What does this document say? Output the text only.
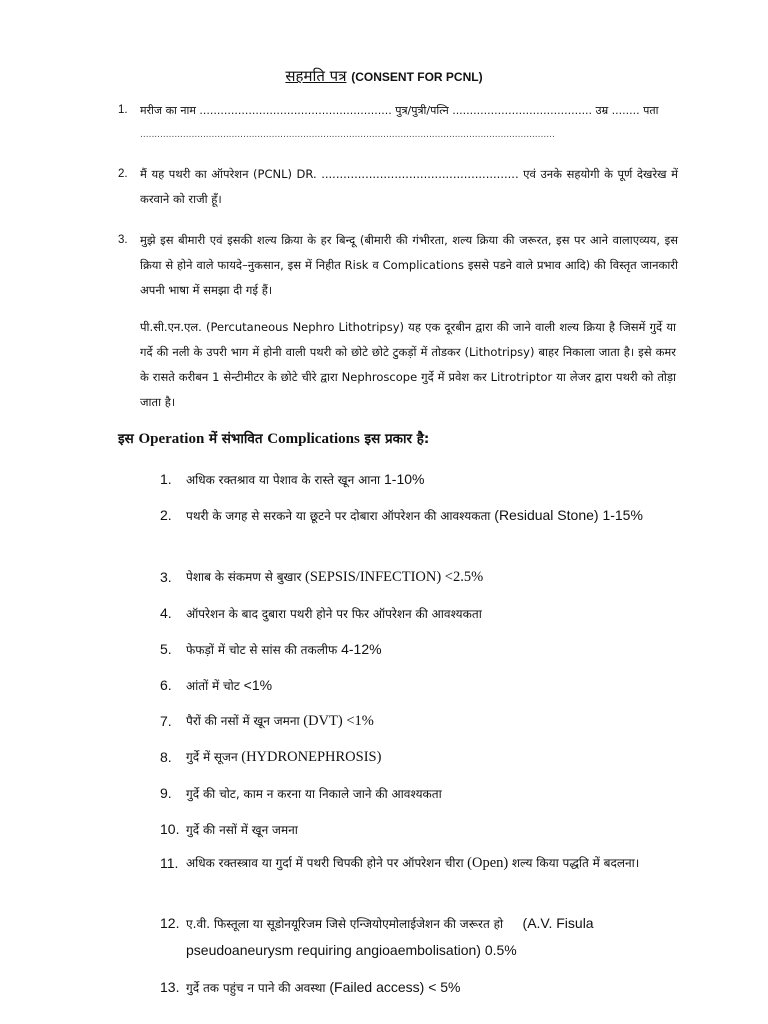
सहमति पत्र (CONSENT FOR PCNL)
1.	मरीज का नाम ....................................................... पुत्र/पुत्री/पत्नि ........................................ उम्र ........ पता
.................................................................................................................................................
2.	मैं यह पथरी का ऑपरेशन (PCNL) DR. ...................................................... एवं उनके सहयोगी के पूर्ण देखरेख में करवाने को राजी हूँ।
3.	मुझे इस बीमारी एवं इसकी शल्य क्रिया के हर बिन्दू (बीमारी की गंभीरता, शल्य क्रिया की जरूरत, इस पर आने वालाएव्यय, इस क्रिया से होने वाले फायदे–नुकसान, इस में निहीत Risk व Complications इससे पडने वाले प्रभाव आदि) की विस्तृत जानकारी अपनी भाषा में समझा दी गई हैं।
पी.सी.एन.एल. (Percutaneous Nephro Lithotripsy) यह एक दूरबीन द्वारा की जाने वाली शल्य क्रिया है जिसमें गुर्दे या गर्दे की नली के उपरी भाग में होनी वाली पथरी को छोटे छोटे टुकड़ों में तोडकर (Lithotripsy) बाहर निकाला जाता है। इसे कमर के रासते करीबन 1 सेन्टीमीटर के छोटे चीरे द्वारा Nephroscope गुर्दे में प्रवेश कर Litrotriptor या लेजर द्वारा पथरी को तोड़ा जाता है।
इस Operation में संभावित Complications इस प्रकार है:
1.	अधिक रक्तश्राव या पेशाव के रास्ते खून आना 1-10%
2.	पथरी के जगह से सरकने या छूटने पर दोबारा ऑपरेशन की आवश्यकता (Residual Stone) 1-15%
3.	पेशाब के संकमण से बुखार (SEPSIS/INFECTION) <2.5%
4.	ऑपरेशन के बाद दुबारा पथरी होने पर फिर ऑपरेशन की आवश्यकता
5.	फेफड़ों में चोट से सांस की तकलीफ 4-12%
6.	आंतों में चोट <1%
7.	पैरों की नसों में खून जमना (DVT) <1%
8.	गुर्दे में सूजन (HYDRONEPHROSIS)
9.	गुर्दे की चोट, काम न करना या निकाले जाने की आवश्यकता
10. गुर्दे की नसों में खून जमना
11. अधिक रक्तस्त्राव या गुर्दा में पथरी चिपकी होने पर ऑपरेशन चीरा (Open) शल्य किया पद्धति में बदलना।
12. ए.वी. फिस्तूला या सूडोनयूरिजम जिसे एन्जियोएमोलाईजेशन की जरूरत हो     (A.V. Fisula pseudoaneurysm requiring angioaembolisation) 0.5%
13. गुर्दे तक पहुंच न पाने की अवस्था (Failed access) < 5%
